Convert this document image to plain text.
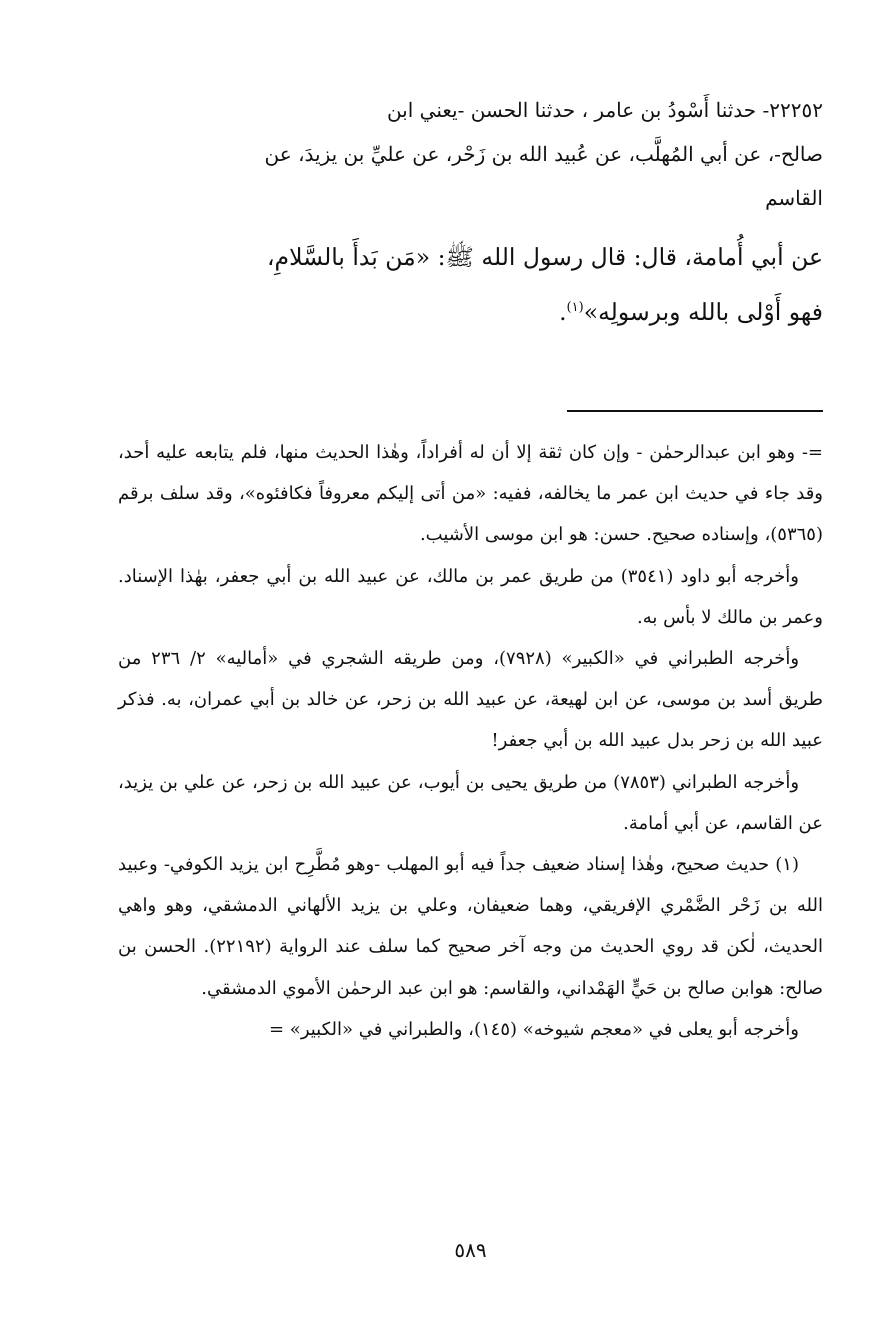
٢٢٢٥٢- حدثنا أَسْودُ بن عامر ، حدثنا الحسن -يعني ابن

صالح-، عن أبي المُهلَّب، عن عُبيد الله بن زَحْر، عن عليِّ بن يزيدَ، عن

القاسم

عن أبي أُمامة، قال: قال رسول الله ﷺ: «مَن بَدأَ بالسَّلامِ،

فهو أَوْلى بالله وبرسولِه»$^{(١)}$.

=- وهو ابن عبدالرحمٰن - وإن كان ثقة إلا أن له أفراداً، وهٰذا الحديث منها، فلم يتابعه عليه أحد، وقد جاء في حديث ابن عمر ما يخالفه، ففيه: «من أتى إليكم معروفاً فكافئوه»، وقد سلف برقم (٥٣٦٥)، وإسناده صحيح. حسن: هو ابن موسى الأشيب.

وأخرجه أبو داود (٣٥٤١) من طريق عمر بن مالك، عن عبيد الله بن أبي جعفر، بهٰذا الإسناد. وعمر بن مالك لا بأس به.

وأخرجه الطبراني في «الكبير» (٧٩٢٨)، ومن طريقه الشجري في «أماليه» ٢/ ٢٣٦ من طريق أسد بن موسى، عن ابن لهيعة، عن عبيد الله بن زحر، عن خالد بن أبي عمران، به. فذكر عبيد الله بن زحر بدل عبيد الله بن أبي جعفر!

وأخرجه الطبراني (٧٨٥٣) من طريق يحيى بن أيوب، عن عبيد الله بن زحر، عن علي بن يزيد، عن القاسم، عن أبي أمامة.

(١) حديث صحيح، وهٰذا إسناد ضعيف جداً فيه أبو المهلب -وهو مُطَّرِح ابن يزيد الكوفي- وعبيد الله بن زَحْر الضَّمْري الإفريقي، وهما ضعيفان، وعلي بن يزيد الألهاني الدمشقي، وهو واهي الحديث، لٰكن قد روي الحديث من وجه آخر صحيح كما سلف عند الرواية (٢٢١٩٢). الحسن بن صالح: هوابن صالح بن حَيٍّ الهَمْداني، والقاسم: هو ابن عبد الرحمٰن الأموي الدمشقي.

وأخرجه أبو يعلى في «معجم شيوخه» (١٤٥)، والطبراني في «الكبير» =

٥٨٩
